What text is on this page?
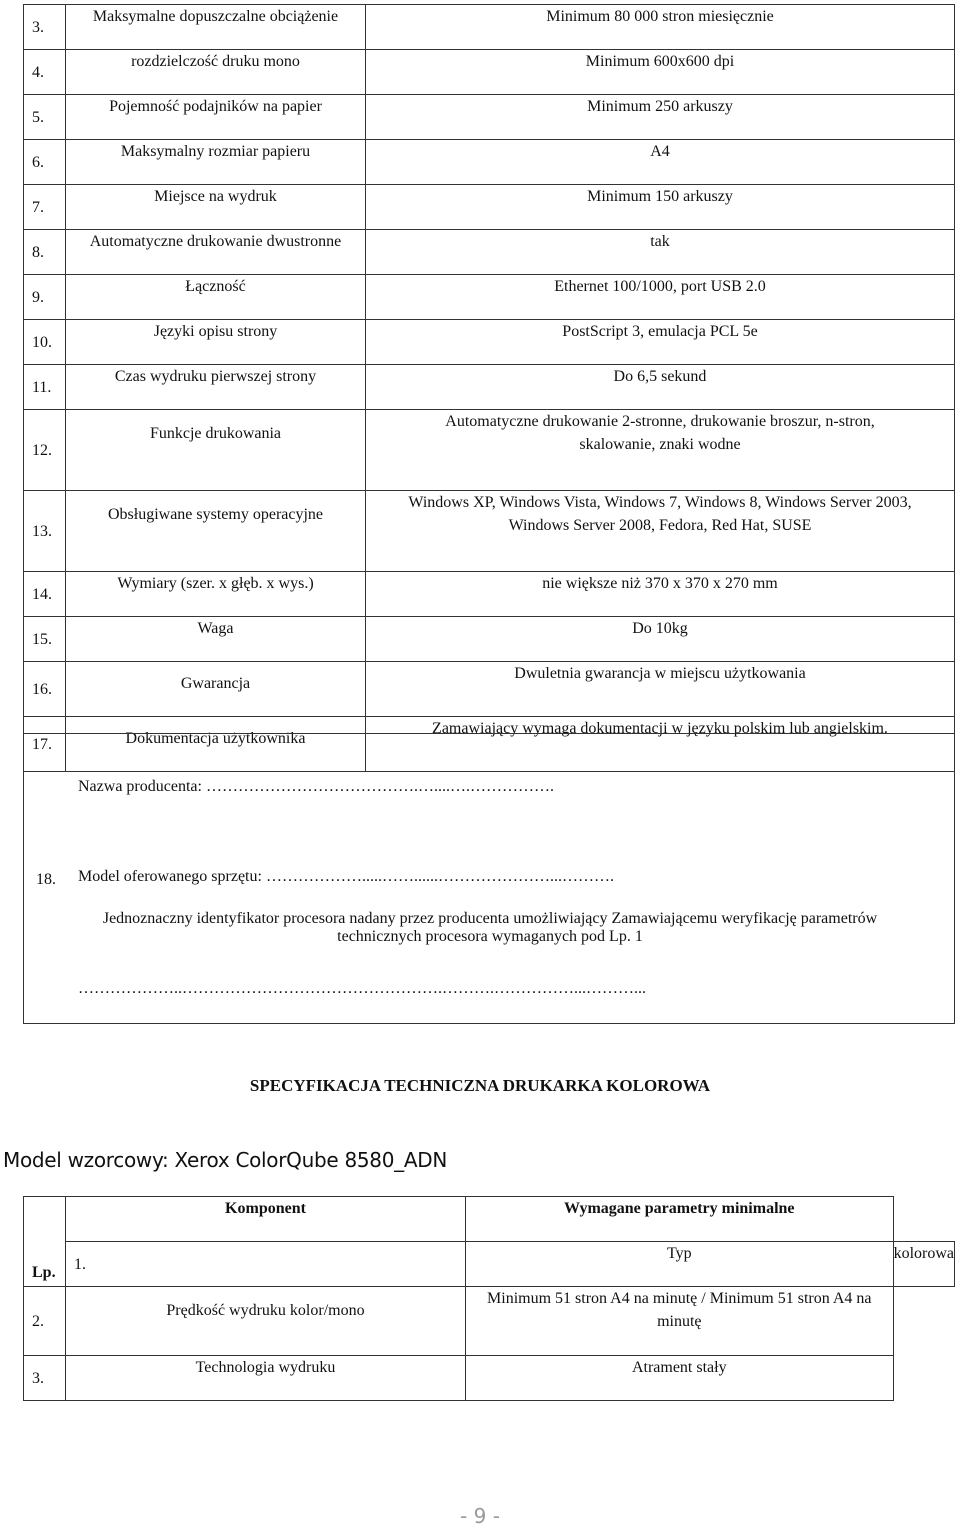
3.	Maksymalne dopuszczalne obciążenie	Minimum 80 000 stron miesięcznie
4.	rozdzielczość druku mono	Minimum 600x600 dpi
5.	Pojemność podajników na papier	Minimum 250 arkuszy
6.	Maksymalny rozmiar papieru	A4
7.	Miejsce na wydruk	Minimum 150 arkuszy
8.	Automatyczne drukowanie dwustronne	tak
9.	Łączność	Ethernet 100/1000, port USB 2.0
10.	Języki opisu strony	PostScript 3, emulacja PCL 5e
11.	Czas wydruku pierwszej strony	Do 6,5 sekund
12.	Funkcje drukowania	Automatyczne drukowanie 2-stronne, drukowanie broszur, n-stron, skalowanie, znaki wodne
13.	Obsługiwane systemy operacyjne	Windows XP, Windows Vista, Windows 7, Windows 8, Windows Server 2003, Windows Server 2008, Fedora, Red Hat, SUSE
14.	Wymiary (szer. x głęb. x wys.)	nie większe niż 370 x 370 x 270 mm
15.	Waga	Do 10kg
16.	Gwarancja	Dwuletnia gwarancja w miejscu użytkowania
17.	Dokumentacja użytkownika	Zamawiający wymaga dokumentacji w języku polskim lub angielskim.
18.
Nazwa producenta: ………………………………….…....….…………….
Model oferowanego sprzętu: ……………….....……......…………………...……….
Jednoznaczny identyfikator procesora nadany przez producenta umożliwiający Zamawiającemu weryfikację parametrów technicznych procesora wymaganych pod Lp. 1
………………..………………………………………….……….……………...………...
SPECYFIKACJA TECHNICZNA DRUKARKA KOLOROWA
Model wzorcowy: Xerox ColorQube 8580_ADN
Lp.	Komponent	Wymagane parametry minimalne	
	1.	Typ	kolorowa
2.	Prędkość wydruku kolor/mono	Minimum 51 stron A4 na minutę / Minimum 51 stron A4 na minutę	
3.	Technologia wydruku	Atrament stały	
- 9 -
